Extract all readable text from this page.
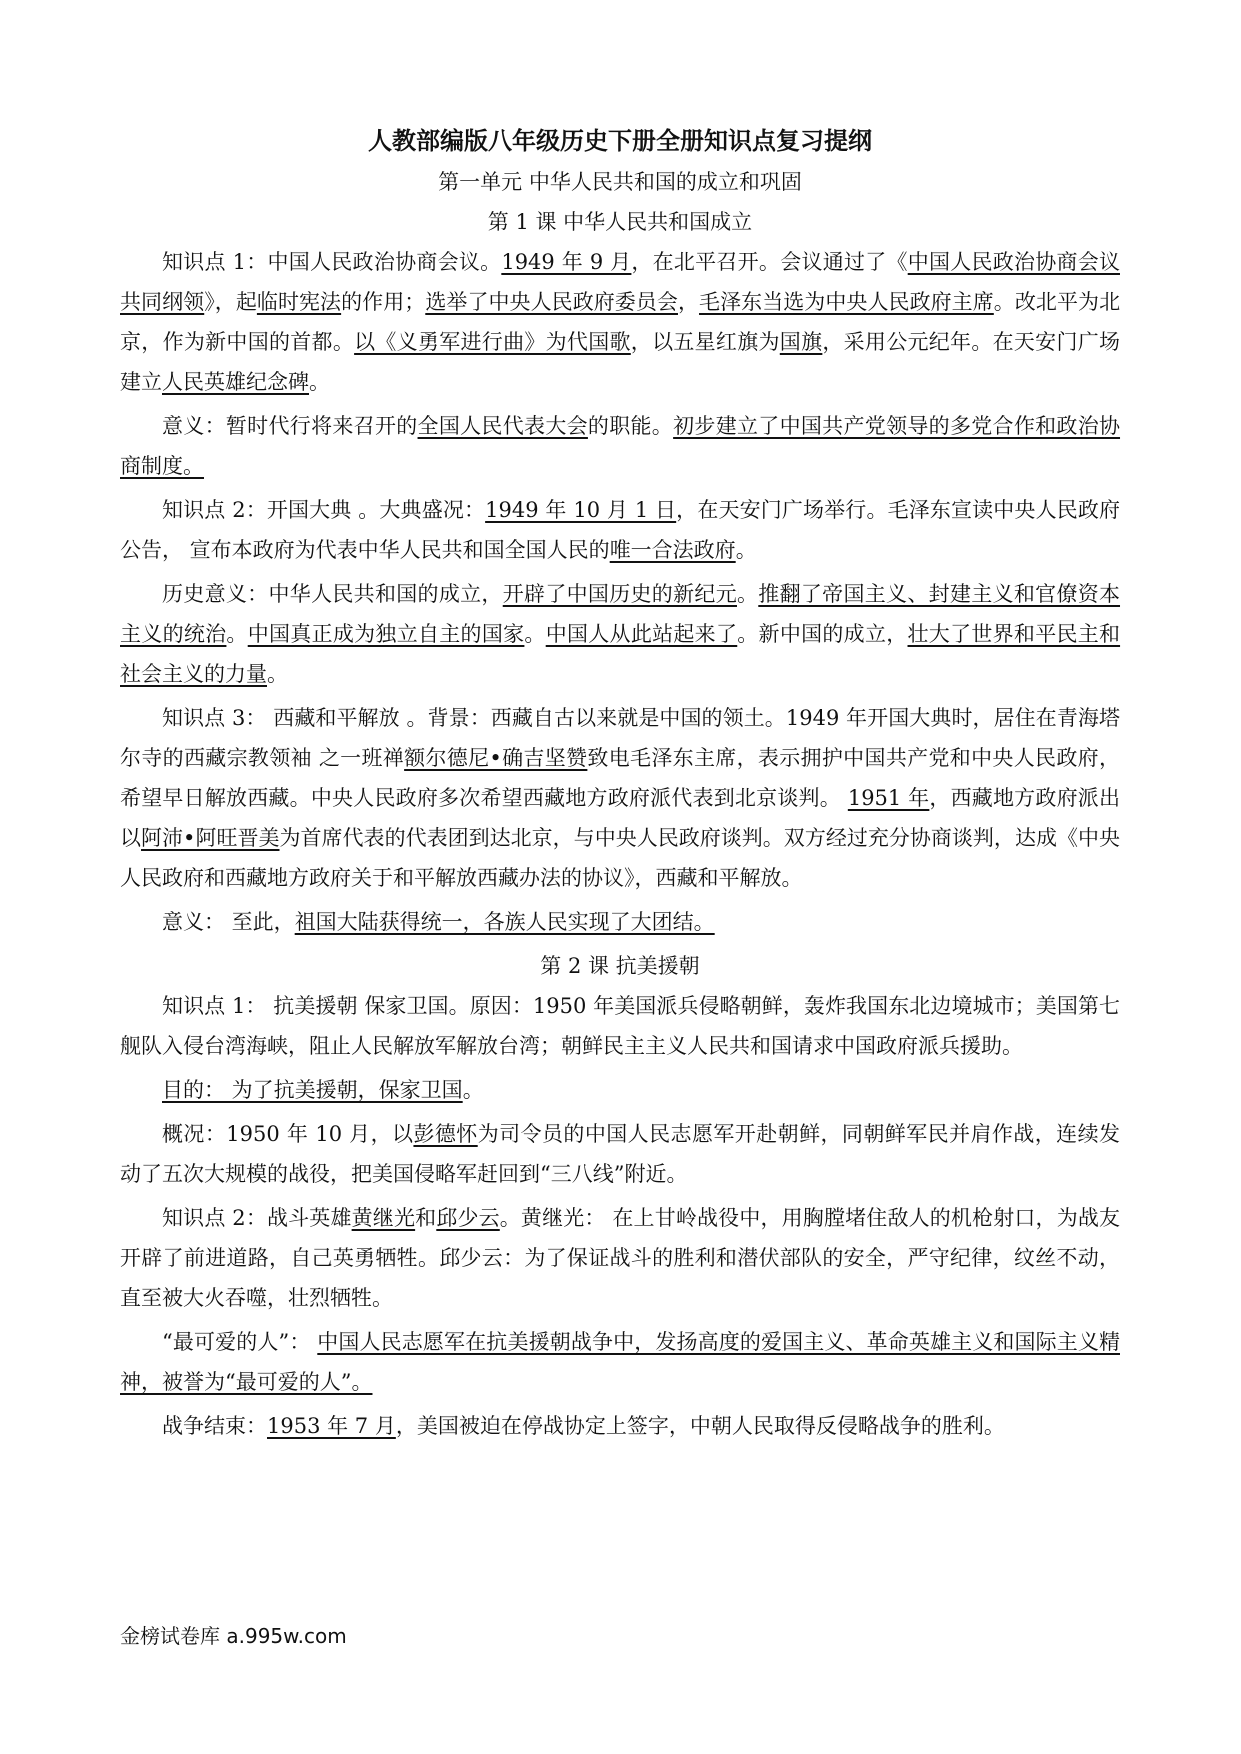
人教部编版八年级历史下册全册知识点复习提纲
第一单元 中华人民共和国的成立和巩固
第 1 课 中华人民共和国成立

知识点 1：中国人民政治协商会议。1949 年 9 月，在北平召开。会议通过了《中国人民政治协商会议共同纲领》，起临时宪法的作用；选举了中央人民政府委员会，毛泽东当选为中央人民政府主席。改北平为北京，作为新中国的首都。以《义勇军进行曲》为代国歌，以五星红旗为国旗，采用公元纪年。在天安门广场建立人民英雄纪念碑。

意义：暂时代行将来召开的全国人民代表大会的职能。初步建立了中国共产党领导的多党合作和政治协商制度。

知识点 2：开国大典 。大典盛况：1949 年 10 月 1 日，在天安门广场举行。毛泽东宣读中央人民政府公告， 宣布本政府为代表中华人民共和国全国人民的唯一合法政府。

历史意义：中华人民共和国的成立，开辟了中国历史的新纪元。推翻了帝国主义、封建主义和官僚资本主义的统治。中国真正成为独立自主的国家。中国人从此站起来了。新中国的成立，壮大了世界和平民主和社会主义的力量。

知识点 3： 西藏和平解放 。背景：西藏自古以来就是中国的领土。1949 年开国大典时，居住在青海塔尔寺的西藏宗教领袖 之一班禅额尔德尼•确吉坚赞致电毛泽东主席，表示拥护中国共产党和中央人民政府，希望早日解放西藏。中央人民政府多次希望西藏地方政府派代表到北京谈判。 1951 年，西藏地方政府派出以阿沛•阿旺晋美为首席代表的代表团到达北京，与中央人民政府谈判。双方经过充分协商谈判，达成《中央人民政府和西藏地方政府关于和平解放西藏办法的协议》，西藏和平解放。

意义： 至此，祖国大陆获得统一，各族人民实现了大团结。

第 2 课 抗美援朝

知识点 1： 抗美援朝 保家卫国。原因：1950 年美国派兵侵略朝鲜，轰炸我国东北边境城市；美国第七舰队入侵台湾海峡，阻止人民解放军解放台湾；朝鲜民主主义人民共和国请求中国政府派兵援助。

目的： 为了抗美援朝，保家卫国。

概况：1950 年 10 月，以彭德怀为司令员的中国人民志愿军开赴朝鲜，同朝鲜军民并肩作战，连续发动了五次大规模的战役，把美国侵略军赶回到“三八线”附近。

知识点 2：战斗英雄黄继光和邱少云。黄继光： 在上甘岭战役中，用胸膛堵住敌人的机枪射口，为战友开辟了前进道路，自己英勇牺牲。邱少云：为了保证战斗的胜利和潜伏部队的安全，严守纪律，纹丝不动，直至被大火吞噬，壮烈牺牲。

“最可爱的人”： 中国人民志愿军在抗美援朝战争中，发扬高度的爱国主义、革命英雄主义和国际主义精神，被誉为“最可爱的人”。

战争结束：1953 年 7 月，美国被迫在停战协定上签字，中朝人民取得反侵略战争的胜利。

金榜试卷库 a.995w.com
